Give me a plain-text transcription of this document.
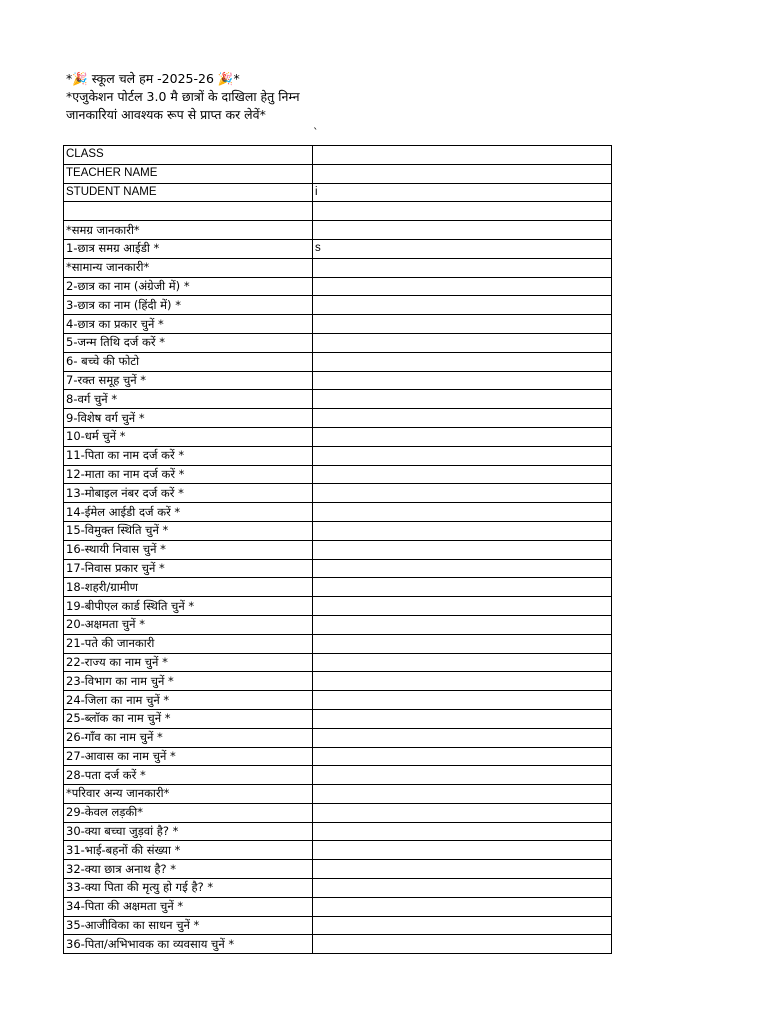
*🎉 स्कूल चले हम -2025-26 🎉*
*एजुकेशन पोर्टल 3.0 मै छात्रों के दाखिला हेतु निम्न जानकारियां आवश्यक रूप से प्राप्त कर लेवें*
`
CLASS	
TEACHER NAME	
STUDENT NAME	i

*समग्र जानकारी*	
1-छात्र समग्र आईडी *	s
*सामान्य जानकारी*	
2-छात्र का नाम (अंग्रेजी में) *	
3-छात्र का नाम (हिंदी में) *	
4-छात्र का प्रकार चुनें *	
5-जन्म तिथि दर्ज करें *	
6- बच्चे की फोटो	
7-रक्त समूह चुनें *	
8-वर्ग चुनें *	
9-विशेष वर्ग चुनें *	
10-धर्म चुनें *	
11-पिता का नाम दर्ज करें *	
12-माता का नाम दर्ज करें *	
13-मोबाइल नंबर दर्ज करें *	
14-ईमेल आईडी दर्ज करें *	
15-विमुक्त स्थिति चुनें *	
16-स्थायी निवास चुनें *	
17-निवास प्रकार चुनें *	
18-शहरी/ग्रामीण	
19-बीपीएल कार्ड स्थिति चुनें *	
20-अक्षमता चुनें *	
21-पते की जानकारी	
22-राज्य का नाम चुनें *	
23-विभाग का नाम चुनें *	
24-जिला का नाम चुनें *	
25-ब्लॉक का नाम चुनें *	
26-गाँव का नाम चुनें *	
27-आवास का नाम चुनें *	
28-पता दर्ज करें *	
*परिवार अन्य जानकारी*	
29-केवल लड़की*	
30-क्या बच्चा जुड़वां है? *	
31-भाई-बहनों की संख्या *	
32-क्या छात्र अनाथ है? *	
33-क्या पिता की मृत्यु हो गई है? *	
34-पिता की अक्षमता चुनें *	
35-आजीविका का साधन चुनें *	
36-पिता/अभिभावक का व्यवसाय चुनें *	
